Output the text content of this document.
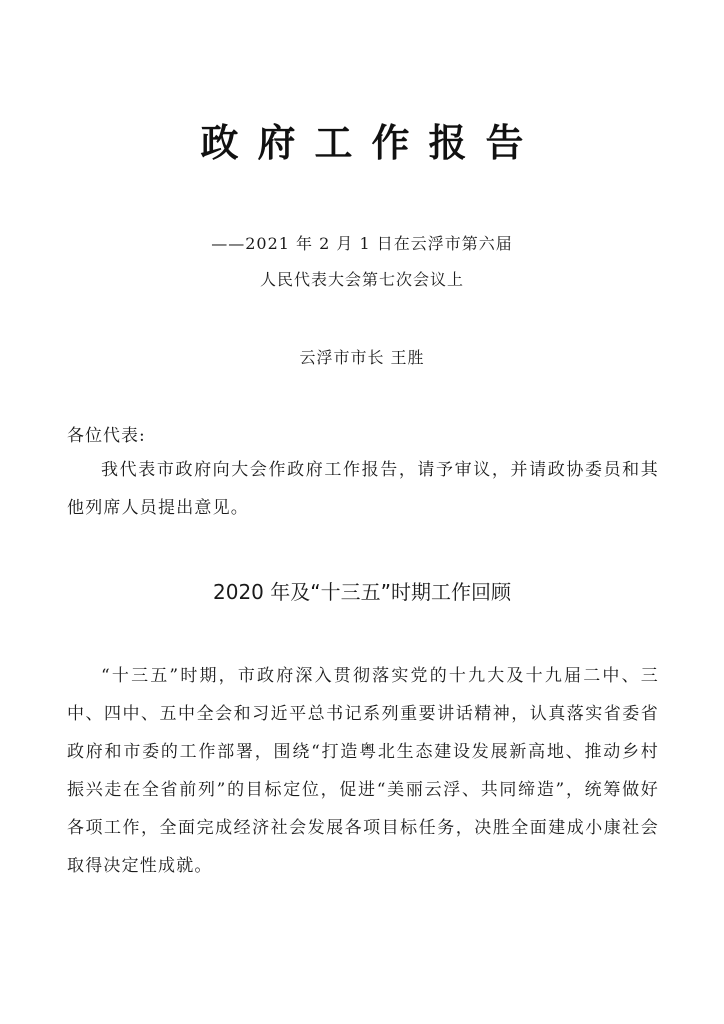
政府工作报告
——2021 年 2 月 1 日在云浮市第六届
人民代表大会第七次会议上
云浮市市长 王胜
各位代表:
我代表市政府向大会作政府工作报告，请予审议，并请政协委员和其他列席人员提出意见。
2020 年及“十三五”时期工作回顾
“十三五”时期，市政府深入贯彻落实党的十九大及十九届二中、三中、四中、五中全会和习近平总书记系列重要讲话精神，认真落实省委省政府和市委的工作部署，围绕“打造粤北生态建设发展新高地、推动乡村振兴走在全省前列”的目标定位，促进“美丽云浮、共同缔造”，统筹做好各项工作，全面完成经济社会发展各项目标任务，决胜全面建成小康社会取得决定性成就。
